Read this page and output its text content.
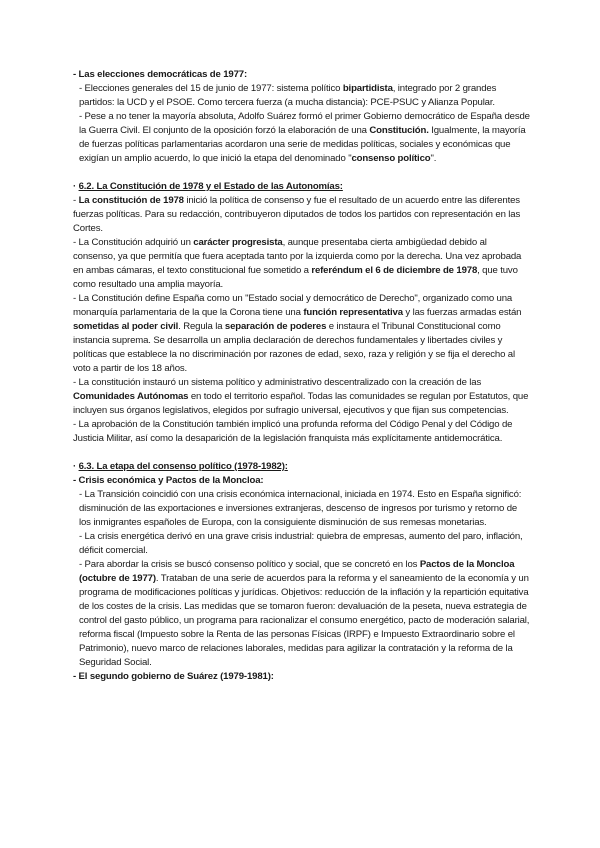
- Las elecciones democráticas de 1977:

- Elecciones generales del 15 de junio de 1977: sistema político bipartidista, integrado por 2 grandes partidos: la UCD y el PSOE. Como tercera fuerza (a mucha distancia): PCE-PSUC y Alianza Popular.

- Pese a no tener la mayoría absoluta, Adolfo Suárez formó el primer Gobierno democrático de España desde la Guerra Civil. El conjunto de la oposición forzó la elaboración de una Constitución. Igualmente, la mayoría de fuerzas políticas parlamentarias acordaron una serie de medidas políticas, sociales y económicas que exigían un amplio acuerdo, lo que inició la etapa del denominado "consenso político".

· 6.2. La Constitución de 1978 y el Estado de las Autonomías:

- La constitución de 1978 inició la política de consenso y fue el resultado de un acuerdo entre las diferentes fuerzas políticas. Para su redacción, contribuyeron diputados de todos los partidos con representación en las Cortes.

- La Constitución adquirió un carácter progresista, aunque presentaba cierta ambigüedad debido al consenso, ya que permitía que fuera aceptada tanto por la izquierda como por la derecha. Una vez aprobada en ambas cámaras, el texto constitucional fue sometido a referéndum el 6 de diciembre de 1978, que tuvo como resultado una amplia mayoría.

- La Constitución define España como un "Estado social y democrático de Derecho", organizado como una monarquía parlamentaria de la que la Corona tiene una función representativa y las fuerzas armadas están sometidas al poder civil. Regula la separación de poderes e instaura el Tribunal Constitucional como instancia suprema. Se desarrolla un amplia declaración de derechos fundamentales y libertades civiles y políticas que establece la no discriminación por razones de edad, sexo, raza y religión y se fija el derecho al voto a partir de los 18 años.

- La constitución instauró un sistema político y administrativo descentralizado con la creación de las Comunidades Autónomas en todo el territorio español. Todas las comunidades se regulan por Estatutos, que incluyen sus órganos legislativos, elegidos por sufragio universal, ejecutivos y que fijan sus competencias.

- La aprobación de la Constitución también implicó una profunda reforma del Código Penal y del Código de Justicia Militar, así como la desaparición de la legislación franquista más explícitamente antidemocrática.

· 6.3. La etapa del consenso político (1978-1982):

- Crisis económica y Pactos de la Moncloa:

- La Transición coincidió con una crisis económica internacional, iniciada en 1974. Esto en España significó: disminución de las exportaciones e inversiones extranjeras, descenso de ingresos por turismo y retorno de los inmigrantes españoles de Europa, con la consiguiente disminución de sus remesas monetarias.

- La crisis energética derivó en una grave crisis industrial: quiebra de empresas, aumento del paro, inflación, déficit comercial.

- Para abordar la crisis se buscó consenso político y social, que se concretó en los Pactos de la Moncloa (octubre de 1977). Trataban de una serie de acuerdos para la reforma y el saneamiento de la economía y un programa de modificaciones políticas y jurídicas. Objetivos: reducción de la inflación y la repartición equitativa de los costes de la crisis. Las medidas que se tomaron fueron: devaluación de la peseta, nueva estrategia de control del gasto público, un programa para racionalizar el consumo energético, pacto de moderación salarial, reforma fiscal (Impuesto sobre la Renta de las personas Físicas (IRPF) e Impuesto Extraordinario sobre el Patrimonio), nuevo marco de relaciones laborales, medidas para agilizar la contratación y la reforma de la Seguridad Social.

- El segundo gobierno de Suárez (1979-1981):
